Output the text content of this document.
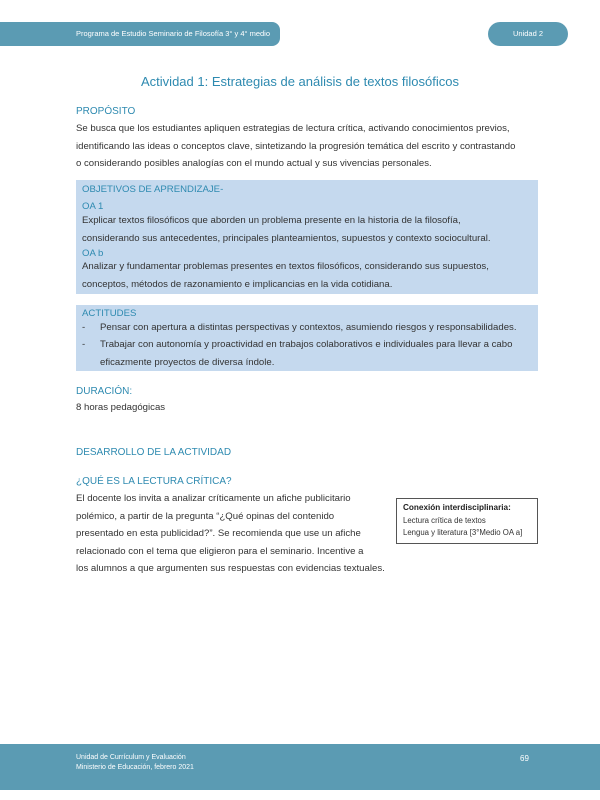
Programa de Estudio Seminario de Filosofía 3° y 4° medio	Unidad 2
Actividad 1: Estrategias de análisis de textos filosóficos
PROPÓSITO
Se busca que los estudiantes apliquen estrategias de lectura crítica, activando conocimientos previos,
identificando las ideas o conceptos clave, sintetizando la progresión temática del escrito y contrastando
o considerando posibles analogías con el mundo actual y sus vivencias personales.
OBJETIVOS DE APRENDIZAJE-
OA 1
Explicar textos filosóficos que aborden un problema presente en la historia de la filosofía,
considerando sus antecedentes, principales planteamientos, supuestos y contexto sociocultural.
OA b
Analizar y fundamentar problemas presentes en textos filosóficos, considerando sus supuestos,
conceptos, métodos de razonamiento e implicancias en la vida cotidiana.
ACTITUDES
- Pensar con apertura a distintas perspectivas y contextos, asumiendo riesgos y responsabilidades.
- Trabajar con autonomía y proactividad en trabajos colaborativos e individuales para llevar a cabo
eficazmente proyectos de diversa índole.
DURACIÓN:
8 horas pedagógicas
DESARROLLO DE LA ACTIVIDAD
¿QUÉ ES LA LECTURA CRÍTICA?
El docente los invita a analizar críticamente un afiche publicitario
polémico, a partir de la pregunta “¿Qué opinas del contenido
presentado en esta publicidad?”. Se recomienda que use un afiche
relacionado con el tema que eligieron para el seminario. Incentive a
los alumnos a que argumenten sus respuestas con evidencias textuales.
Conexión interdisciplinaria:
Lectura crítica de textos
Lengua y literatura [3°Medio OA a]
Unidad de Currículum y Evaluación
Ministerio de Educación, febrero 2021
69
